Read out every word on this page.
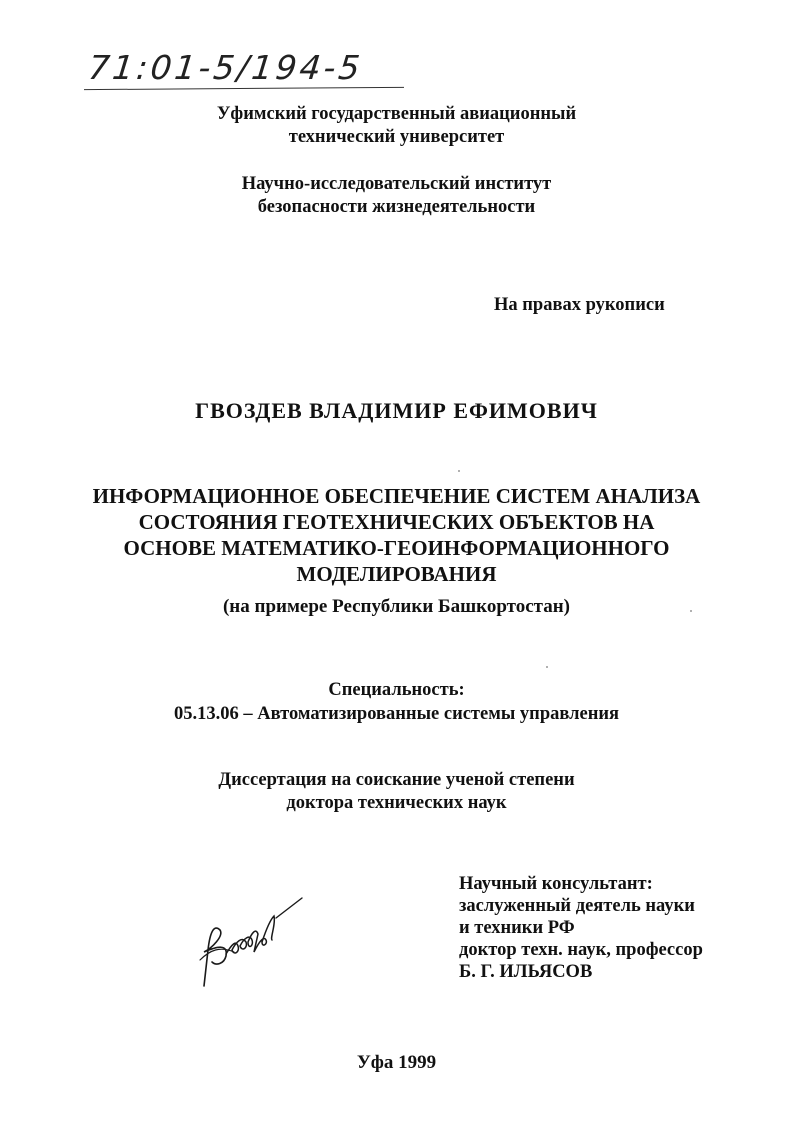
71:01-5/194-5
Уфимский государственный авиационный
технический университет
Научно-исследовательский институт
безопасности жизнедеятельности
На правах рукописи
ГВОЗДЕВ ВЛАДИМИР ЕФИМОВИЧ
ИНФОРМАЦИОННОЕ ОБЕСПЕЧЕНИЕ СИСТЕМ АНАЛИЗА
СОСТОЯНИЯ ГЕОТЕХНИЧЕСКИХ ОБЪЕКТОВ НА
ОСНОВЕ МАТЕМАТИКО-ГЕОИНФОРМАЦИОННОГО
МОДЕЛИРОВАНИЯ
(на примере Республики Башкортостан)
Специальность:
05.13.06 – Автоматизированные системы управления
Диссертация на соискание ученой степени
доктора технических наук
Научный консультант:
заслуженный деятель науки
и техники РФ
доктор техн. наук, профессор
Б. Г. ИЛЬЯСОВ
Уфа 1999
